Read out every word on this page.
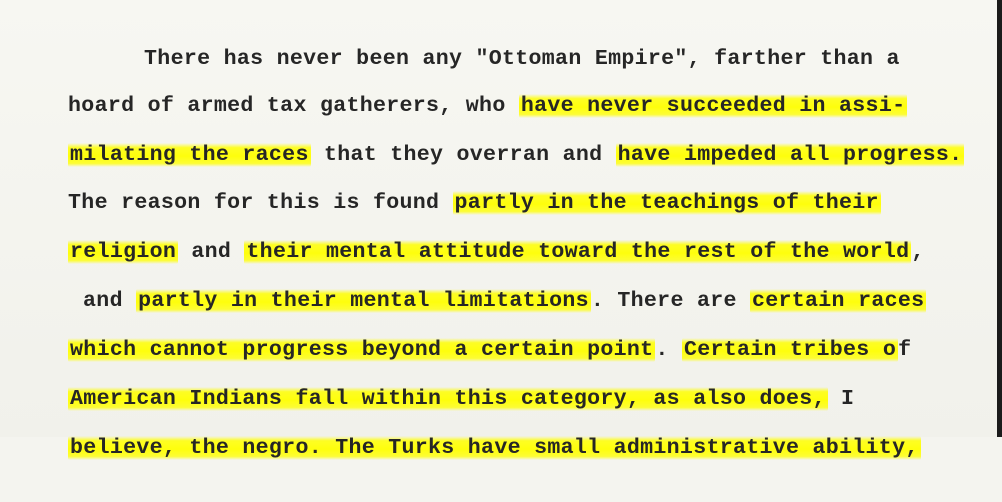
There has never been any "Ottoman Empire", farther than a

hoard of armed tax gatherers, who have never succeeded in assi-

milating the races that they overran and have impeded all progress.

The reason for this is found partly in the teachings of their

religion and their mental attitude toward the rest of the world,

and partly in their mental limitations. There are certain races

which cannot progress beyond a certain point. Certain tribes of

American Indians fall within this category, as also does, I

believe, the negro. The Turks have small administrative ability,
